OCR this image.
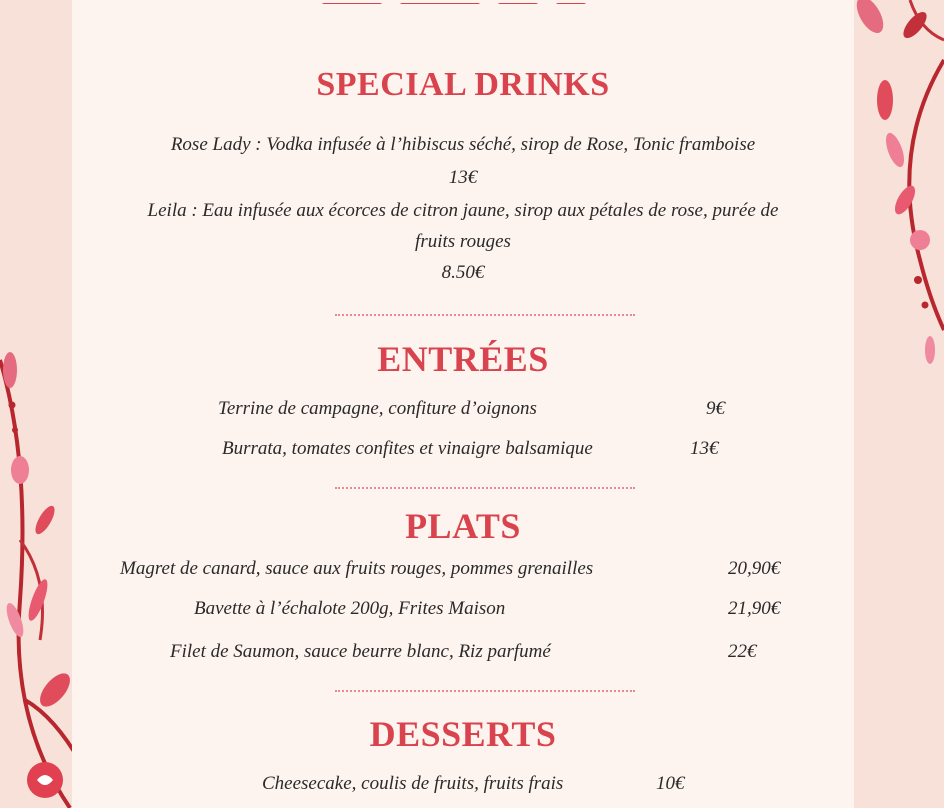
SPECIAL DRINKS
Rose Lady : Vodka infusée à l’hibiscus séché, sirop de Rose, Tonic framboise
13€
Leila : Eau infusée aux écorces de citron jaune, sirop aux pétales de rose, purée de
fruits rouges
8.50€
ENTRÉES
Terrine de campagne, confiture d’oignons	9€
Burrata, tomates confites et vinaigre balsamique	13€
PLATS
Magret de canard, sauce aux fruits rouges, pommes grenailles	20,90€
Bavette à l’échalote 200g, Frites Maison	21,90€
Filet de Saumon, sauce beurre blanc, Riz parfumé	22€
DESSERTS
Cheesecake, coulis de fruits, fruits frais	10€
